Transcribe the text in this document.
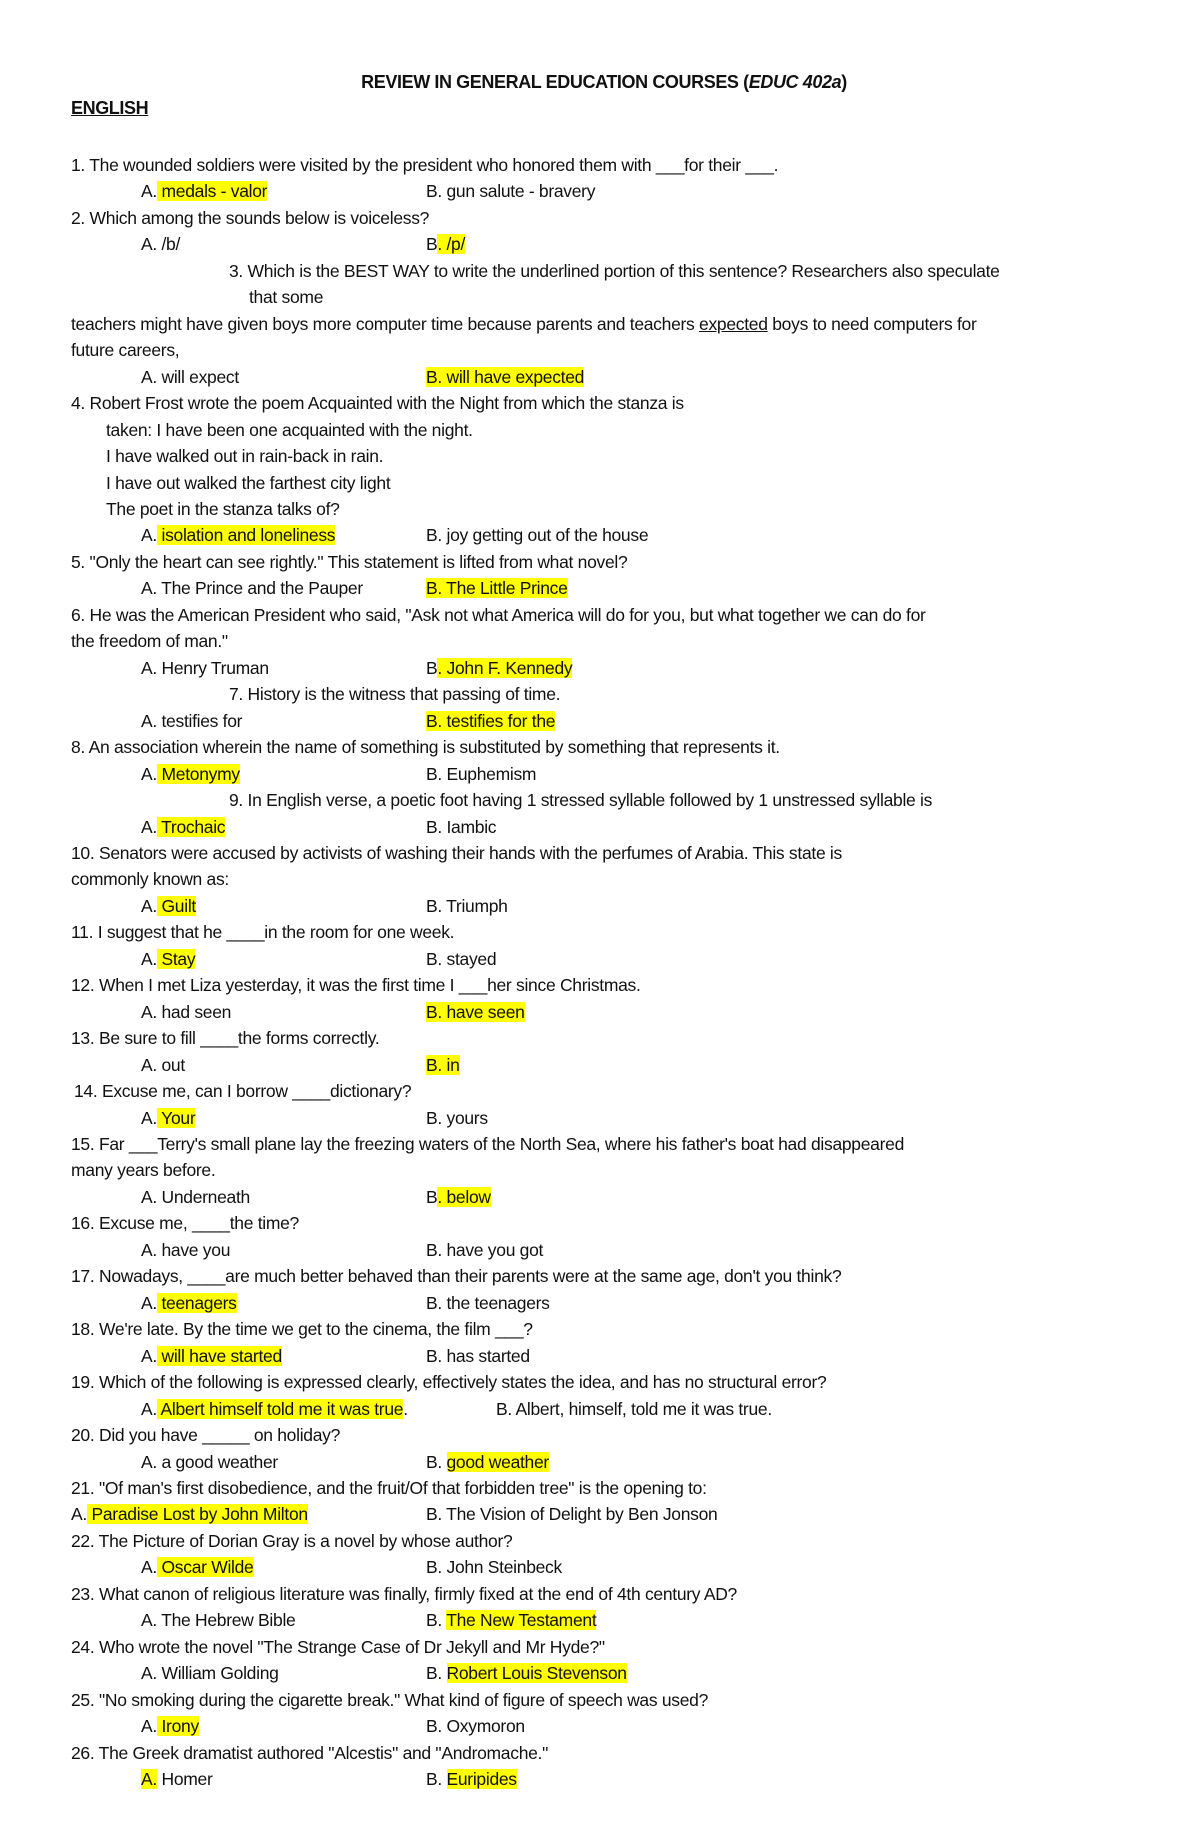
REVIEW IN GENERAL EDUCATION COURSES (EDUC 402a)
ENGLISH
1. The wounded soldiers were visited by the president who honored them with ___for their ___.
A. medals - valor	B. gun salute - bravery
2. Which among the sounds below is voiceless?
A. /b/	B. /p/
3. Which is the BEST WAY to write the underlined portion of this sentence? Researchers also speculate
that some
teachers might have given boys more computer time because parents and teachers expected boys to need computers for
future careers,
A. will expect	B. will have expected
4. Robert Frost wrote the poem Acquainted with the Night from which the stanza is
taken: I have been one acquainted with the night.
I have walked out in rain-back in rain.
I have out walked the farthest city light
The poet in the stanza talks of?
A. isolation and loneliness	B. joy getting out of the house
5. "Only the heart can see rightly." This statement is lifted from what novel?
A. The Prince and the Pauper	B. The Little Prince
6. He was the American President who said, "Ask not what America will do for you, but what together we can do for
the freedom of man."
A. Henry Truman	B. John F. Kennedy
7. History is the witness that passing of time.
A. testifies for	B. testifies for the
8. An association wherein the name of something is substituted by something that represents it.
A. Metonymy	B. Euphemism
9. In English verse, a poetic foot having 1 stressed syllable followed by 1 unstressed syllable is
A. Trochaic	B. Iambic
10. Senators were accused by activists of washing their hands with the perfumes of Arabia. This state is
commonly known as:
A. Guilt	B. Triumph
11. I suggest that he ____in the room for one week.
A. Stay	B. stayed
12. When I met Liza yesterday, it was the first time I ___her since Christmas.
A. had seen	B. have seen
13. Be sure to fill ____the forms correctly.
A. out	B. in
14. Excuse me, can I borrow ____dictionary?
A. Your	B. yours
15. Far ___Terry's small plane lay the freezing waters of the North Sea, where his father's boat had disappeared
many years before.
A. Underneath	B. below
16. Excuse me, ____the time?
A. have you	B. have you got
17. Nowadays, ____are much better behaved than their parents were at the same age, don't you think?
A. teenagers	B. the teenagers
18. We're late. By the time we get to the cinema, the film ___?
A. will have started	B. has started
19. Which of the following is expressed clearly, effectively states the idea, and has no structural error?
A. Albert himself told me it was true.	B. Albert, himself, told me it was true.
20. Did you have _____ on holiday?
A. a good weather	B. good weather
21. "Of man's first disobedience, and the fruit/Of that forbidden tree" is the opening to:
A. Paradise Lost by John Milton	B. The Vision of Delight by Ben Jonson
22. The Picture of Dorian Gray is a novel by whose author?
A. Oscar Wilde	B. John Steinbeck
23. What canon of religious literature was finally, firmly fixed at the end of 4th century AD?
A. The Hebrew Bible	B. The New Testament
24. Who wrote the novel "The Strange Case of Dr Jekyll and Mr Hyde?"
A. William Golding	B. Robert Louis Stevenson
25. "No smoking during the cigarette break." What kind of figure of speech was used?
A. Irony	B. Oxymoron
26. The Greek dramatist authored "Alcestis" and "Andromache."
A. Homer	B. Euripides
